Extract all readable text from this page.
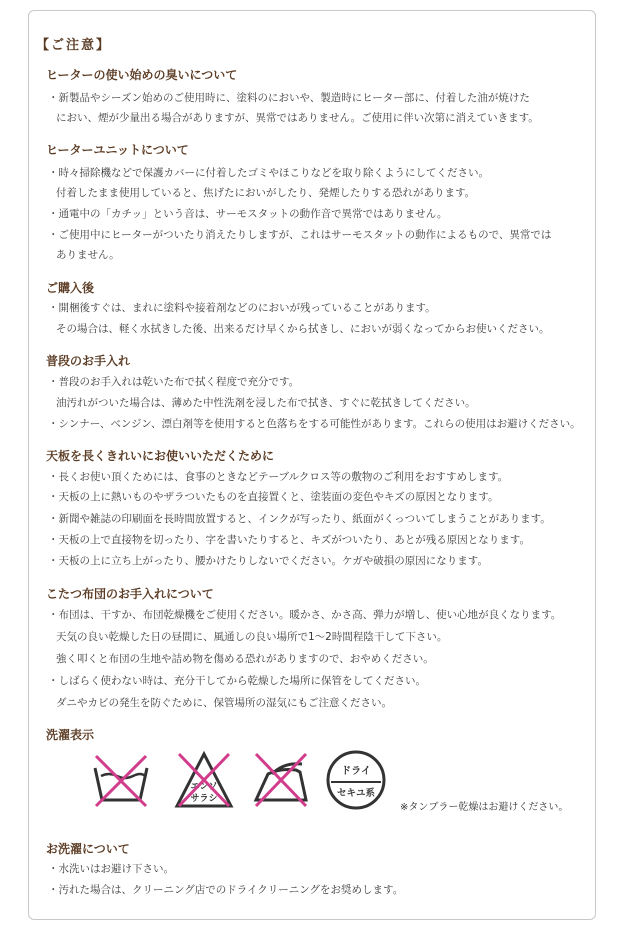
【ご注意】
ヒーターの使い始めの臭いについて
・新製品やシーズン始めのご使用時に、塗料のにおいや、製造時にヒーター部に、付着した油が焼けた
におい、煙が少量出る場合がありますが、異常ではありません。ご使用に伴い次第に消えていきます。
ヒーターユニットについて
・時々掃除機などで保護カバーに付着したゴミやほこりなどを取り除くようにしてください。
付着したまま使用していると、焦げたにおいがしたり、発煙したりする恐れがあります。
・通電中の「カチッ」という音は、サーモスタットの動作音で異常ではありません。
・ご使用中にヒーターがついたり消えたりしますが、これはサーモスタットの動作によるもので、異常では
ありません。
ご購入後
・開梱後すぐは、まれに塗料や接着剤などのにおいが残っていることがあります。
その場合は、軽く水拭きした後、出来るだけ早くから拭きし、においが弱くなってからお使いください。
普段のお手入れ
・普段のお手入れは乾いた布で拭く程度で充分です。
油汚れがついた場合は、薄めた中性洗剤を浸した布で拭き、すぐに乾拭きしてください。
・シンナー、ベンジン、漂白剤等を使用すると色落ちをする可能性があります。これらの使用はお避けください。
天板を長くきれいにお使いいただくために
・長くお使い頂くためには、食事のときなどテーブルクロス等の敷物のご利用をおすすめします。
・天板の上に熱いものやザラついたものを直接置くと、塗装面の変色やキズの原因となります。
・新聞や雑誌の印刷面を長時間放置すると、インクが写ったり、紙面がくっついてしまうことがあります。
・天板の上で直接物を切ったり、字を書いたりすると、キズがついたり、あとが残る原因となります。
・天板の上に立ち上がったり、腰かけたりしないでください。ケガや破損の原因になります。
こたつ布団のお手入れについて
・布団は、干すか、布団乾燥機をご使用ください。暖かさ、かさ高、弾力が増し、使い心地が良くなります。
天気の良い乾燥した日の昼間に、風通しの良い場所で1～2時間程陰干して下さい。
強く叩くと布団の生地や詰め物を傷める恐れがありますので、おやめください。
・しばらく使わない時は、充分干してから乾燥した場所に保管をしてください。
ダニやカビの発生を防ぐために、保管場所の湿気にもご注意ください。
洗濯表示
エンソ
サラシ
ドライ
セキユ系
※タンブラー乾燥はお避けください。
お洗濯について
・水洗いはお避け下さい。
・汚れた場合は、クリーニング店でのドライクリーニングをお奨めします。
